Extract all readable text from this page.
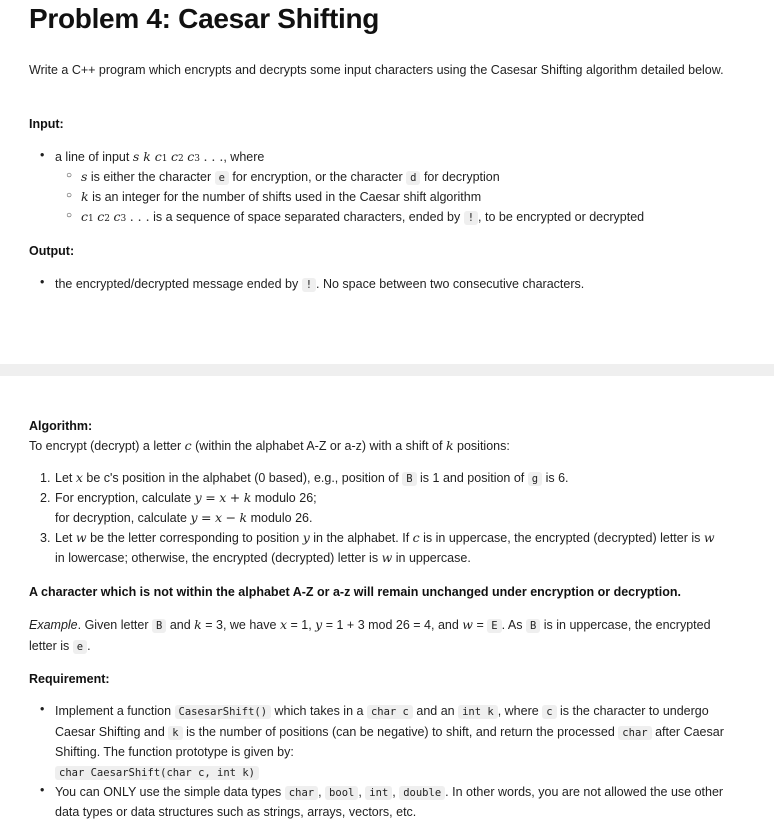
Problem 4: Caesar Shifting

Write a C++ program which encrypts and decrypts some input characters using the Casesar Shifting algorithm detailed below.

Input:

• a line of input s k c1 c2 c3 . . ., where
○ s is either the character e for encryption, or the character d for decryption
○ k is an integer for the number of shifts used in the Caesar shift algorithm
○ c1 c2 c3 . . . is a sequence of space separated characters, ended by ! , to be encrypted or decrypted

Output:

• the encrypted/decrypted message ended by ! . No space between two consecutive characters.

Algorithm:

To encrypt (decrypt) a letter c (within the alphabet A-Z or a-z) with a shift of k positions:

1. Let x be c's position in the alphabet (0 based), e.g., position of B is 1 and position of g is 6.
2. For encryption, calculate y = x + k modulo 26;
for decryption, calculate y = x − k modulo 26.
3. Let w be the letter corresponding to position y in the alphabet. If c is in uppercase, the encrypted (decrypted) letter is w
in lowercase; otherwise, the encrypted (decrypted) letter is w in uppercase.

A character which is not within the alphabet A-Z or a-z will remain unchanged under encryption or decryption.

Example. Given letter B and k = 3, we have x = 1, y = 1 + 3 mod 26 = 4, and w = E . As B is in uppercase, the encrypted
letter is e .

Requirement:

• Implement a function CasesarShift() which takes in a char c and an int k , where c is the character to undergo
Caesar Shifting and k is the number of positions (can be negative) to shift, and return the processed char after Caesar
Shifting. The function prototype is given by:
char CaesarShift(char c, int k)
• You can ONLY use the simple data types char , bool , int , double . In other words, you are not allowed the use other
data types or data structures such as strings, arrays, vectors, etc.
